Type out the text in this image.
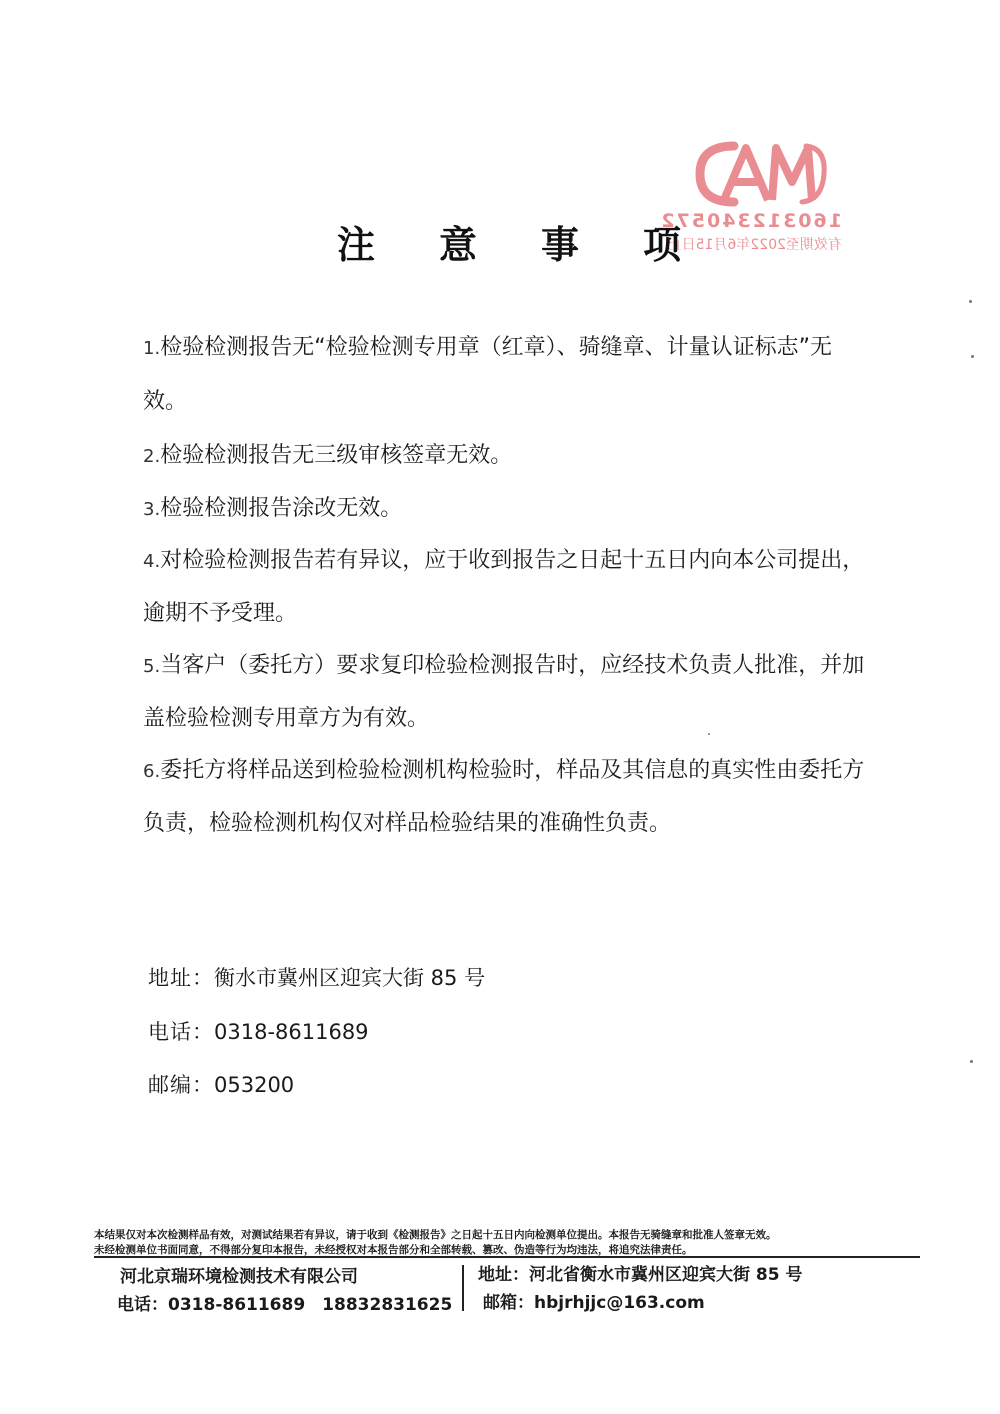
160312340572
有效期至2022年6月15日止
注 意 事 项
1.检验检测报告无“检验检测专用章（红章）、骑缝章、计量认证标志”无
效。
2.检验检测报告无三级审核签章无效。
3.检验检测报告涂改无效。
4.对检验检测报告若有异议，应于收到报告之日起十五日内向本公司提出，
逾期不予受理。
5.当客户（委托方）要求复印检验检测报告时，应经技术负责人批准，并加
盖检验检测专用章方为有效。
6.委托方将样品送到检验检测机构检验时，样品及其信息的真实性由委托方
负责，检验检测机构仅对样品检验结果的准确性负责。
地址：衡水市冀州区迎宾大街 85 号
电话：0318-8611689
邮编：053200
本结果仅对本次检测样品有效，对测试结果若有异议，请于收到《检测报告》之日起十五日内向检测单位提出。本报告无骑缝章和批准人签章无效。
未经检测单位书面同意，不得部分复印本报告，未经授权对本报告部分和全部转载、篡改、伪造等行为均违法，将追究法律责任。
河北京瑞环境检测技术有限公司
电话：0318-8611689　18832831625
地址：河北省衡水市冀州区迎宾大街 85 号
邮箱：hbjrhjjc@163.com
